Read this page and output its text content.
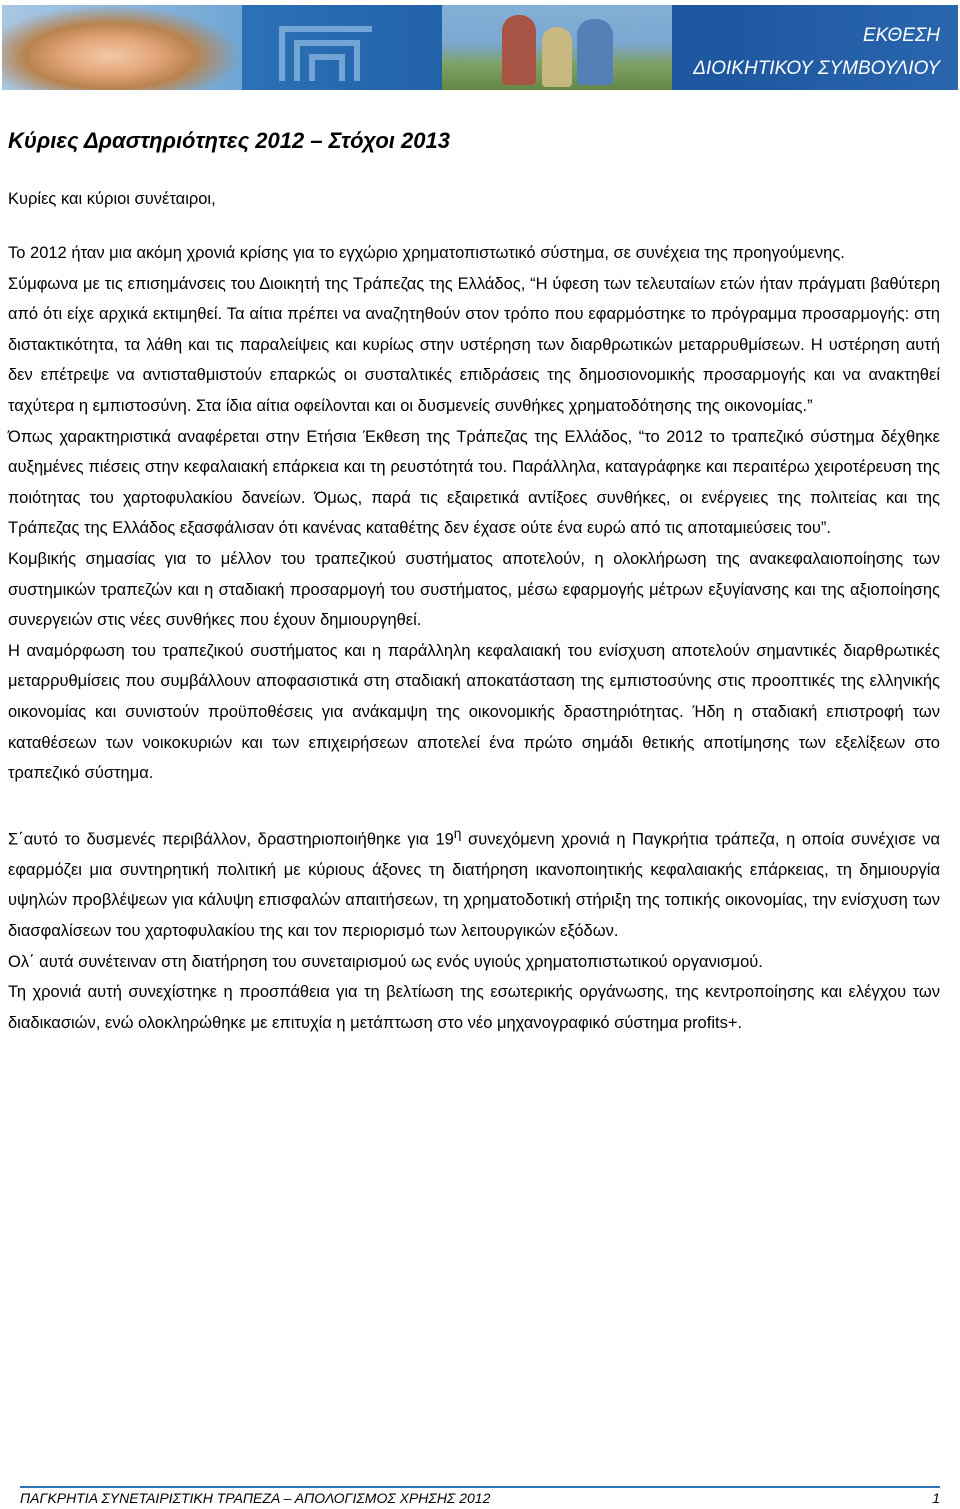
ΕΚΘΕΣΗ
ΔΙΟΙΚΗΤΙΚΟΥ ΣΥΜΒΟΥΛΙΟΥ
Κύριες Δραστηριότητες 2012 – Στόχοι 2013

Κυρίες και κύριοι συνέταιροι,

Το 2012 ήταν μια ακόμη χρονιά κρίσης για το εγχώριο χρηματοπιστωτικό σύστημα, σε συνέχεια της προηγούμενης.

Σύμφωνα με τις επισημάνσεις του Διοικητή της Τράπεζας της Ελλάδος, “Η ύφεση των τελευταίων ετών ήταν πράγματι βαθύτερη από ότι είχε αρχικά εκτιμηθεί. Τα αίτια πρέπει να αναζητηθούν στον τρόπο που εφαρμόστηκε το πρόγραμμα προσαρμογής: στη διστακτικότητα, τα λάθη και τις παραλείψεις και κυρίως στην υστέρηση των διαρθρωτικών μεταρρυθμίσεων. Η υστέρηση αυτή δεν επέτρεψε να αντισταθμιστούν επαρκώς οι συσταλτικές επιδράσεις της δημοσιονομικής προσαρμογής και να ανακτηθεί ταχύτερα η εμπιστοσύνη. Στα ίδια αίτια οφείλονται και οι δυσμενείς συνθήκες χρηματοδότησης της οικονομίας.”

Όπως χαρακτηριστικά αναφέρεται στην Ετήσια Έκθεση της Τράπεζας της Ελλάδος, “το 2012 το τραπεζικό σύστημα δέχθηκε αυξημένες πιέσεις στην κεφαλαιακή επάρκεια και τη ρευστότητά του. Παράλληλα, καταγράφηκε και περαιτέρω χειροτέρευση της ποιότητας του χαρτοφυλακίου δανείων. Όμως, παρά τις εξαιρετικά αντίξοες συνθήκες, οι ενέργειες της πολιτείας και της Τράπεζας της Ελλάδος εξασφάλισαν ότι κανένας καταθέτης δεν έχασε ούτε ένα ευρώ από τις αποταμιεύσεις του”.

Κομβικής σημασίας για το μέλλον του τραπεζικού συστήματος αποτελούν, η ολοκλήρωση της ανακεφαλαιοποίησης των συστημικών τραπεζών και η σταδιακή προσαρμογή του συστήματος, μέσω εφαρμογής μέτρων εξυγίανσης και της αξιοποίησης συνεργειών στις νέες συνθήκες που έχουν δημιουργηθεί.

Η αναμόρφωση του τραπεζικού συστήματος και η παράλληλη κεφαλαιακή του ενίσχυση αποτελούν σημαντικές διαρθρωτικές μεταρρυθμίσεις που συμβάλλουν αποφασιστικά στη σταδιακή αποκατάσταση της εμπιστοσύνης στις προοπτικές της ελληνικής οικονομίας και συνιστούν προϋποθέσεις για ανάκαμψη της οικονομικής δραστηριότητας. Ήδη η σταδιακή επιστροφή των καταθέσεων των νοικοκυριών και των επιχειρήσεων αποτελεί ένα πρώτο σημάδι θετικής αποτίμησης των εξελίξεων στο τραπεζικό σύστημα.

Σ΄αυτό το δυσμενές περιβάλλον, δραστηριοποιήθηκε για $19^\eta$ συνεχόμενη χρονιά η Παγκρήτια τράπεζα, η οποία συνέχισε να εφαρμόζει μια συντηρητική πολιτική με κύριους άξονες τη διατήρηση ικανοποιητικής κεφαλαιακής επάρκειας, τη δημιουργία υψηλών προβλέψεων για κάλυψη επισφαλών απαιτήσεων, τη χρηματοδοτική στήριξη της τοπικής οικονομίας, την ενίσχυση των διασφαλίσεων του χαρτοφυλακίου της και τον περιορισμό των λειτουργικών εξόδων.

Ολ΄ αυτά συνέτειναν στη διατήρηση του συνεταιρισμού ως ενός υγιούς χρηματοπιστωτικού οργανισμού.

Τη χρονιά αυτή συνεχίστηκε η προσπάθεια για τη βελτίωση της εσωτερικής οργάνωσης, της κεντροποίησης και ελέγχου των διαδικασιών, ενώ ολοκληρώθηκε με επιτυχία η μετάπτωση στο νέο μηχανογραφικό σύστημα profits+.

ΠΑΓΚΡΗΤΙΑ ΣΥΝΕΤΑΙΡΙΣΤΙΚΗ ΤΡΑΠΕΖΑ – ΑΠΟΛΟΓΙΣΜΟΣ ΧΡΗΣΗΣ 2012	1
